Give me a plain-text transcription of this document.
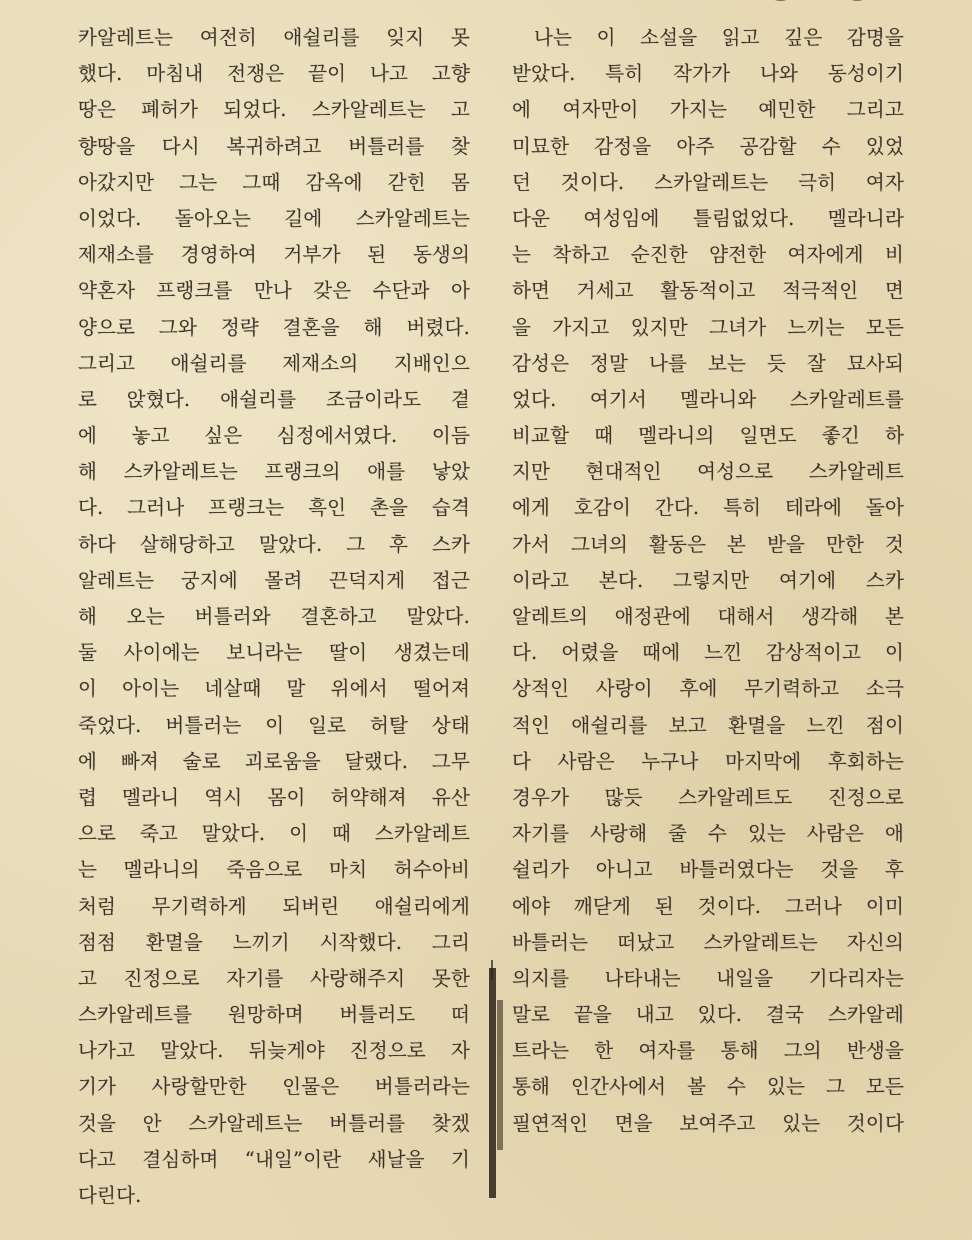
카알레트는 여전히 애쉴리를 잊지 못
했다. 마침내 전쟁은 끝이 나고 고향
땅은 폐허가 되었다. 스카알레트는 고
향땅을 다시 복귀하려고 버틀러를 찾
아갔지만 그는 그때 감옥에 갇힌 몸
이었다. 돌아오는 길에 스카알레트는
제재소를 경영하여 거부가 된 동생의
약혼자 프랭크를 만나 갖은 수단과 아
양으로 그와 정략 결혼을 해 버렸다.
그리고 애쉴리를 제재소의 지배인으
로 앉혔다. 애쉴리를 조금이라도 곁
에 놓고 싶은 심정에서였다. 이듬
해 스카알레트는 프랭크의 애를 낳았
다. 그러나 프랭크는 흑인 촌을 습격
하다 살해당하고 말았다. 그 후 스카
알레트는 궁지에 몰려 끈덕지게 접근
해 오는 버틀러와 결혼하고 말았다.
둘 사이에는 보니라는 딸이 생겼는데
이 아이는 네살때 말 위에서 떨어져
죽었다. 버틀러는 이 일로 허탈 상태
에 빠져 술로 괴로움을 달랬다. 그무
렵 멜라니 역시 몸이 허약해져 유산
으로 죽고 말았다. 이 때 스카알레트
는 멜라니의 죽음으로 마치 허수아비
처럼 무기력하게 되버린 애쉴리에게
점점 환멸을 느끼기 시작했다. 그리
고 진정으로 자기를 사랑해주지 못한
스카알레트를 원망하며 버틀러도 떠
나가고 말았다. 뒤늦게야 진정으로 자
기가 사랑할만한 인물은 버틀러라는
것을 안 스카알레트는 버틀러를 찾겠
다고 결심하며 “내일”이란 새날을 기
다린다.
나는 이 소설을 읽고 깊은 감명을
받았다. 특히 작가가 나와 동성이기
에 여자만이 가지는 예민한 그리고
미묘한 감정을 아주 공감할 수 있었
던 것이다. 스카알레트는 극히 여자
다운 여성임에 틀림없었다. 멜라니라
는 착하고 순진한 얌전한 여자에게 비
하면 거세고 활동적이고 적극적인 면
을 가지고 있지만 그녀가 느끼는 모든
감성은 정말 나를 보는 듯 잘 묘사되
었다. 여기서 멜라니와 스카알레트를
비교할 때 멜라니의 일면도 좋긴 하
지만 현대적인 여성으로 스카알레트
에게 호감이 간다. 특히 테라에 돌아
가서 그녀의 활동은 본 받을 만한 것
이라고 본다. 그렇지만 여기에 스카
알레트의 애정관에 대해서 생각해 본
다. 어렸을 때에 느낀 감상적이고 이
상적인 사랑이 후에 무기력하고 소극
적인 애쉴리를 보고 환멸을 느낀 점이
다 사람은 누구나 마지막에 후회하는
경우가 많듯 스카알레트도 진정으로
자기를 사랑해 줄 수 있는 사람은 애
쉴리가 아니고 바틀러였다는 것을 후
에야 깨닫게 된 것이다. 그러나 이미
바틀러는 떠났고 스카알레트는 자신의
의지를 나타내는 내일을 기다리자는
말로 끝을 내고 있다. 결국 스카알레
트라는 한 여자를 통해 그의 반생을
통해 인간사에서 볼 수 있는 그 모든
필연적인 면을 보여주고 있는 것이다
